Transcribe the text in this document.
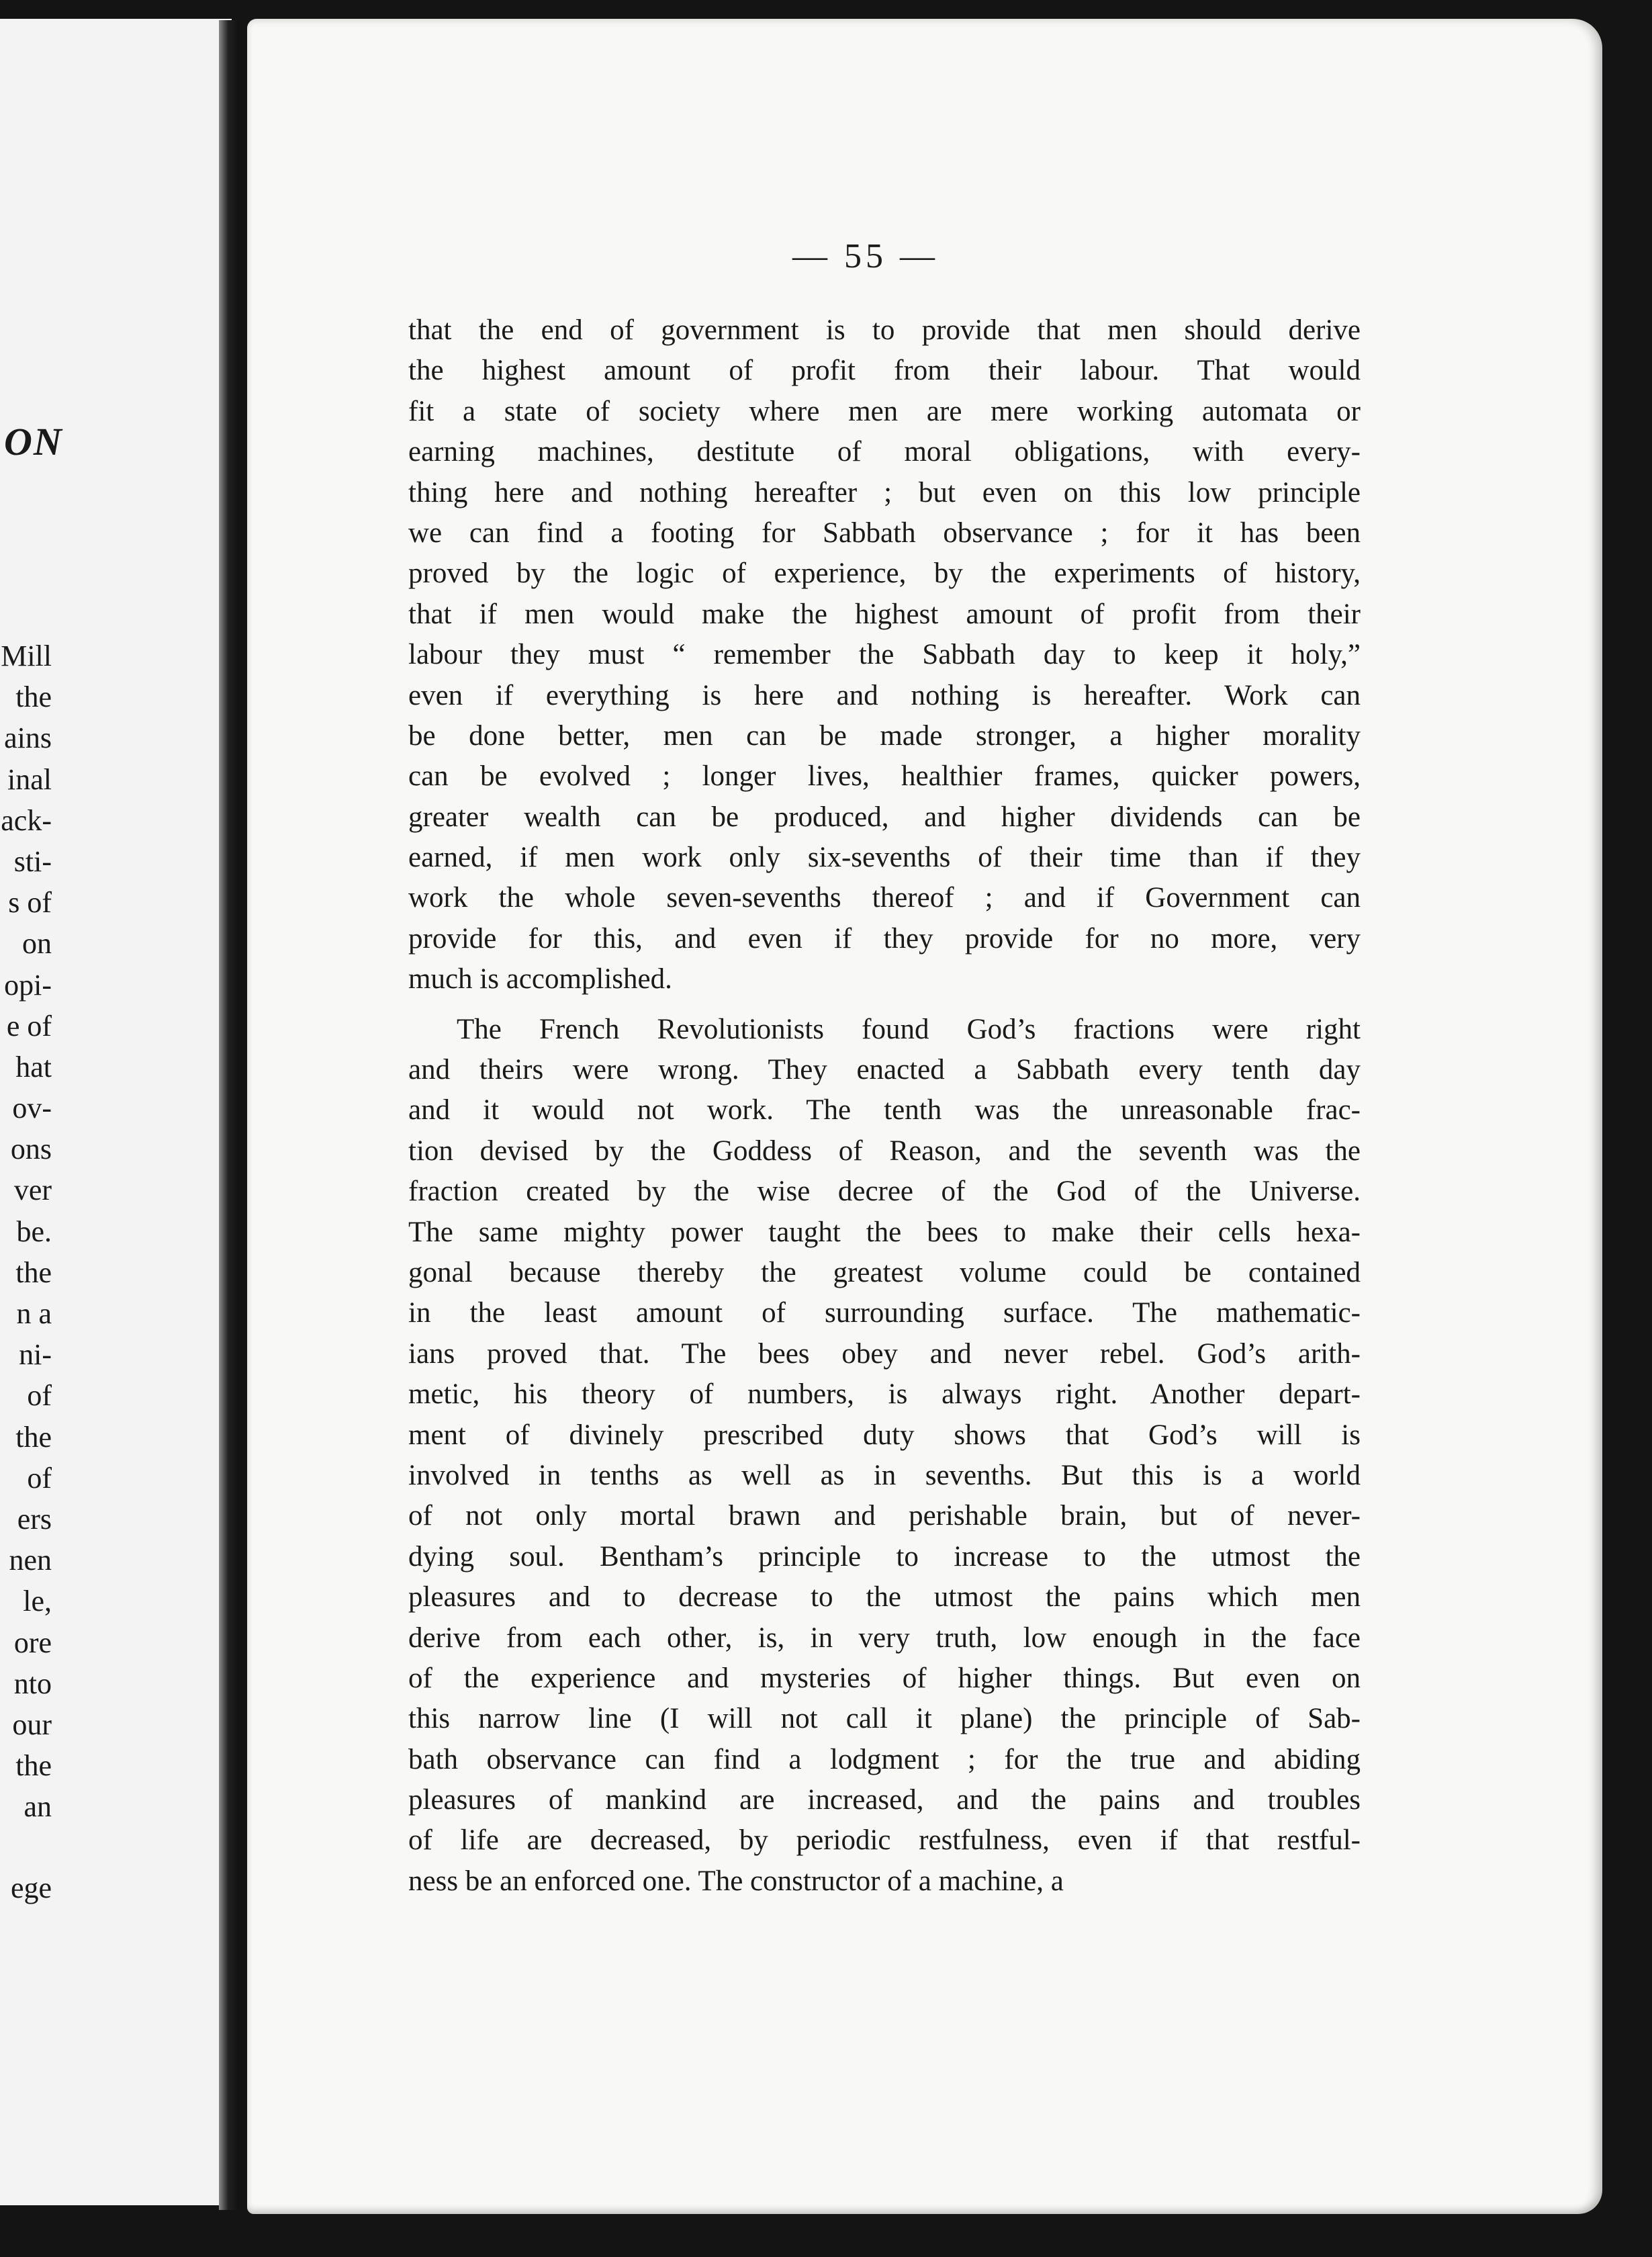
ON
Mill
the
ains
inal
ack-
sti-
s of
on
opi-
e of
hat
ov-
ons
ver
be.
the
n a
ni-
of
the
of
ers
nen
le,
ore
nto
our
the
an
ege

— 55 —

that the end of government is to provide that men should derive
the highest amount of profit from their labour. That would
fit a state of society where men are mere working automata or
earning machines, destitute of moral obligations, with every-
thing here and nothing hereafter ; but even on this low principle
we can find a footing for Sabbath observance ; for it has been
proved by the logic of experience, by the experiments of history,
that if men would make the highest amount of profit from their
labour they must “ remember the Sabbath day to keep it holy,”
even if everything is here and nothing is hereafter. Work can
be done better, men can be made stronger, a higher morality
can be evolved ; longer lives, healthier frames, quicker powers,
greater wealth can be produced, and higher dividends can be
earned, if men work only six-sevenths of their time than if they
work the whole seven-sevenths thereof ; and if Government can
provide for this, and even if they provide for no more, very
much is accomplished.

The French Revolutionists found God’s fractions were right
and theirs were wrong. They enacted a Sabbath every tenth day
and it would not work. The tenth was the unreasonable frac-
tion devised by the Goddess of Reason, and the seventh was the
fraction created by the wise decree of the God of the Universe.
The same mighty power taught the bees to make their cells hexa-
gonal because thereby the greatest volume could be contained
in the least amount of surrounding surface. The mathematic-
ians proved that. The bees obey and never rebel. God’s arith-
metic, his theory of numbers, is always right. Another depart-
ment of divinely prescribed duty shows that God’s will is
involved in tenths as well as in sevenths. But this is a world
of not only mortal brawn and perishable brain, but of never-
dying soul. Bentham’s principle to increase to the utmost the
pleasures and to decrease to the utmost the pains which men
derive from each other, is, in very truth, low enough in the face
of the experience and mysteries of higher things. But even on
this narrow line (I will not call it plane) the principle of Sab-
bath observance can find a lodgment ; for the true and abiding
pleasures of mankind are increased, and the pains and troubles
of life are decreased, by periodic restfulness, even if that restful-
ness be an enforced one. The constructor of a machine, a
